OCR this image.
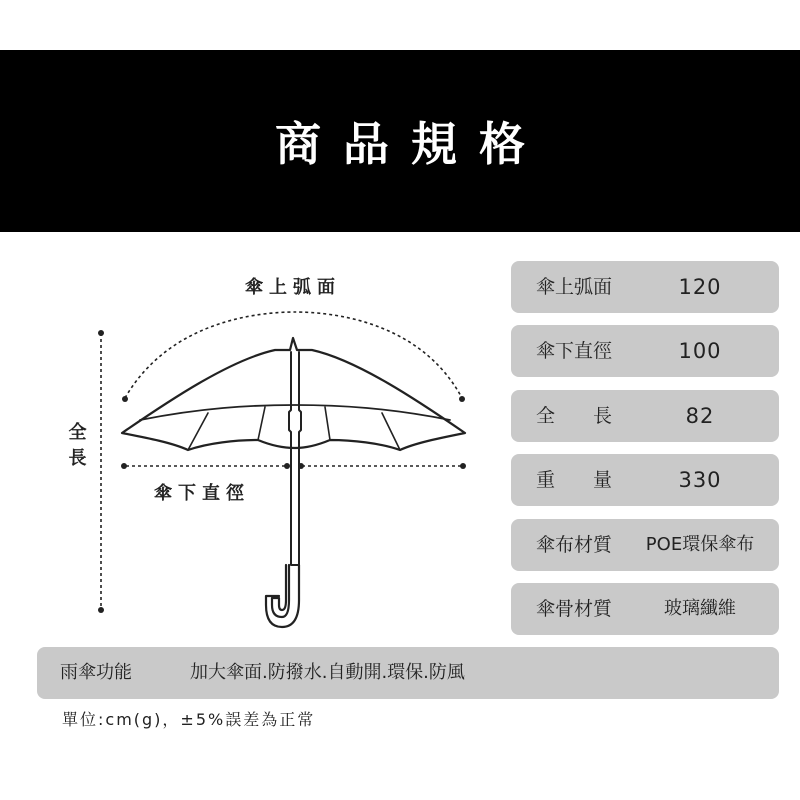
商品規格
傘上弧面
傘下直徑
全長
傘上弧面	120
傘下直徑	100
全　　長	82
重　　量	330
傘布材質	POE環保傘布
傘骨材質	玻璃纖維
雨傘功能	加大傘面.防撥水.自動開.環保.防風
單位:cm(g)，±5%誤差為正常
